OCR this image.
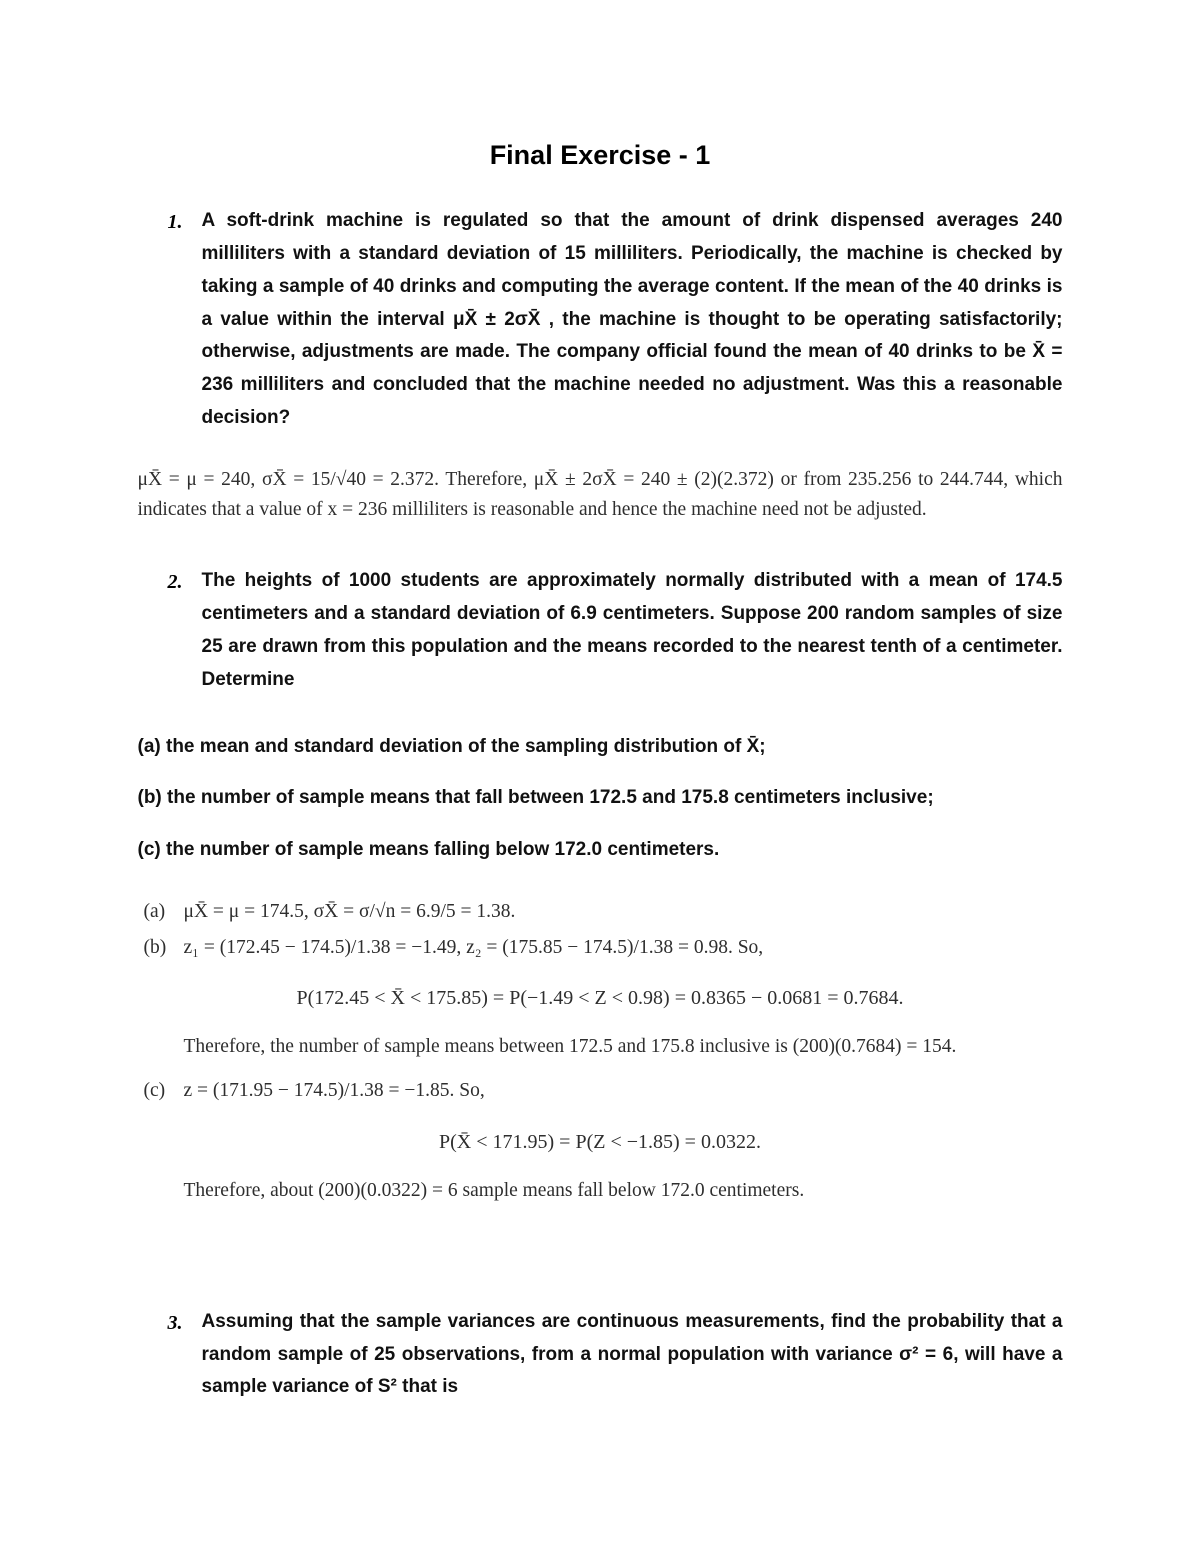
Final Exercise - 1
1.	A soft-drink machine is regulated so that the amount of drink dispensed averages 240 milliliters with a standard deviation of 15 milliliters. Periodically, the machine is checked by taking a sample of 40 drinks and computing the average content. If the mean of the 40 drinks is a value within the interval μX̄ ± 2σX̄ , the machine is thought to be operating satisfactorily; otherwise, adjustments are made. The company official found the mean of 40 drinks to be X̄ = 236 milliliters and concluded that the machine needed no adjustment. Was this a reasonable decision?
μX̄ = μ = 240, σX̄ = 15/√40 = 2.372. Therefore, μX̄ ± 2σX̄ = 240 ± (2)(2.372) or from 235.256 to 244.744, which indicates that a value of x = 236 milliliters is reasonable and hence the machine need not be adjusted.
2.	The heights of 1000 students are approximately normally distributed with a mean of 174.5 centimeters and a standard deviation of 6.9 centimeters. Suppose 200 random samples of size 25 are drawn from this population and the means recorded to the nearest tenth of a centimeter. Determine
(a) the mean and standard deviation of the sampling distribution of X̄;
(b) the number of sample means that fall between 172.5 and 175.8 centimeters inclusive;
(c) the number of sample means falling below 172.0 centimeters.
(a) μX̄ = μ = 174.5, σX̄ = σ/√n = 6.9/5 = 1.38.
(b) z₁ = (172.45 − 174.5)/1.38 = −1.49, z₂ = (175.85 − 174.5)/1.38 = 0.98. So,
P(172.45 < X̄ < 175.85) = P(−1.49 < Z < 0.98) = 0.8365 − 0.0681 = 0.7684.
Therefore, the number of sample means between 172.5 and 175.8 inclusive is (200)(0.7684) = 154.
(c) z = (171.95 − 174.5)/1.38 = −1.85. So,
P(X̄ < 171.95) = P(Z < −1.85) = 0.0322.
Therefore, about (200)(0.0322) = 6 sample means fall below 172.0 centimeters.
3.	Assuming that the sample variances are continuous measurements, find the probability that a random sample of 25 observations, from a normal population with variance σ² = 6, will have a sample variance of S² that is
